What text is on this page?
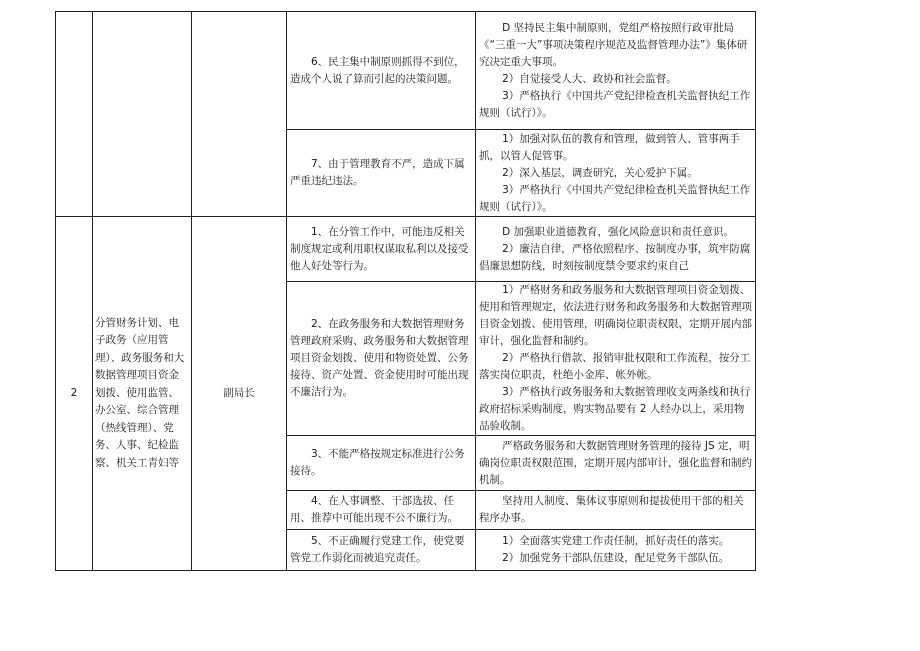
			6、民主集中制原则抓得不到位，造成个人说了算而引起的决策问题。	D 坚持民主集中制原则，党组严格按照行政审批局《“三重一大”事项决策程序规范及监督管理办法”》集体研究决定重大事项。

2）自觉接受人大、政协和社会监督。

3）严格执行《中国共产党纪律检查机关监督执纪工作规则（试行）》。

			7、由于管理教育不严，造成下属严重违纪违法。	1）加强对队伍的教育和管理，做到管人、管事两手抓，以管人促管事。

2）深入基层，调查研究，关心爱护下属。

3）严格执行《中国共产党纪律检查机关监督执纪工作规则（试行）》。

2	分管财务计划、电子政务（应用管理）、政务服务和大数据管理项目资金划拨、使用监管、办公室、综合管理（热线管理）、党务、人事、纪检监察、机关工青妇等	副局长	1、在分管工作中，可能违反相关制度规定或利用职权谋取私利以及接受他人好处等行为。	D 加强职业道德教育，强化风险意识和责任意识。

2）廉洁自律，严格依照程序、按制度办事，筑牢防腐倡廉思想防线，时刻按制度禁令要求约束自己

			2、在政务服务和大数据管理财务管理政府采购、政务服务和大数据管理项目资金划拨、使用和物资处置、公务接待、资产处置、资金使用时可能出现不廉洁行为。	1）严格财务和政务服务和大数据管理项目资金划拨、使用和管理规定，依法进行财务和政务服务和大数据管理项目资金划拨、使用管理，明确岗位职责权限，定期开展内部审计，强化监督和制约。

2）严格执行借款、报销审批权限和工作流程，按分工落实岗位职责，杜绝小金库、帐外帐。

3）严格执行政务服务和大数据管理收支两条线和执行政府招标采购制度，购实物品要有 2 人经办以上，采用物品验收制。

			3、不能严格按规定标准进行公务接待。	严格政务服务和大数据管理财务管理的接待 JS 定，明确岗位职责权限范围，定期开展内部审计，强化监督和制约机制。

			4、在人事调整、干部选拔、任用、推荐中可能出现不公不廉行为。	坚持用人制度、集体议事原则和提拔使用干部的相关程序办事。

			5、不正确履行党建工作，使党要管党工作弱化而被追究责任。	1）全面落实党建工作责任制，抓好责任的落实。

2）加强党务干部队伍建设，配足党务干部队伍。
